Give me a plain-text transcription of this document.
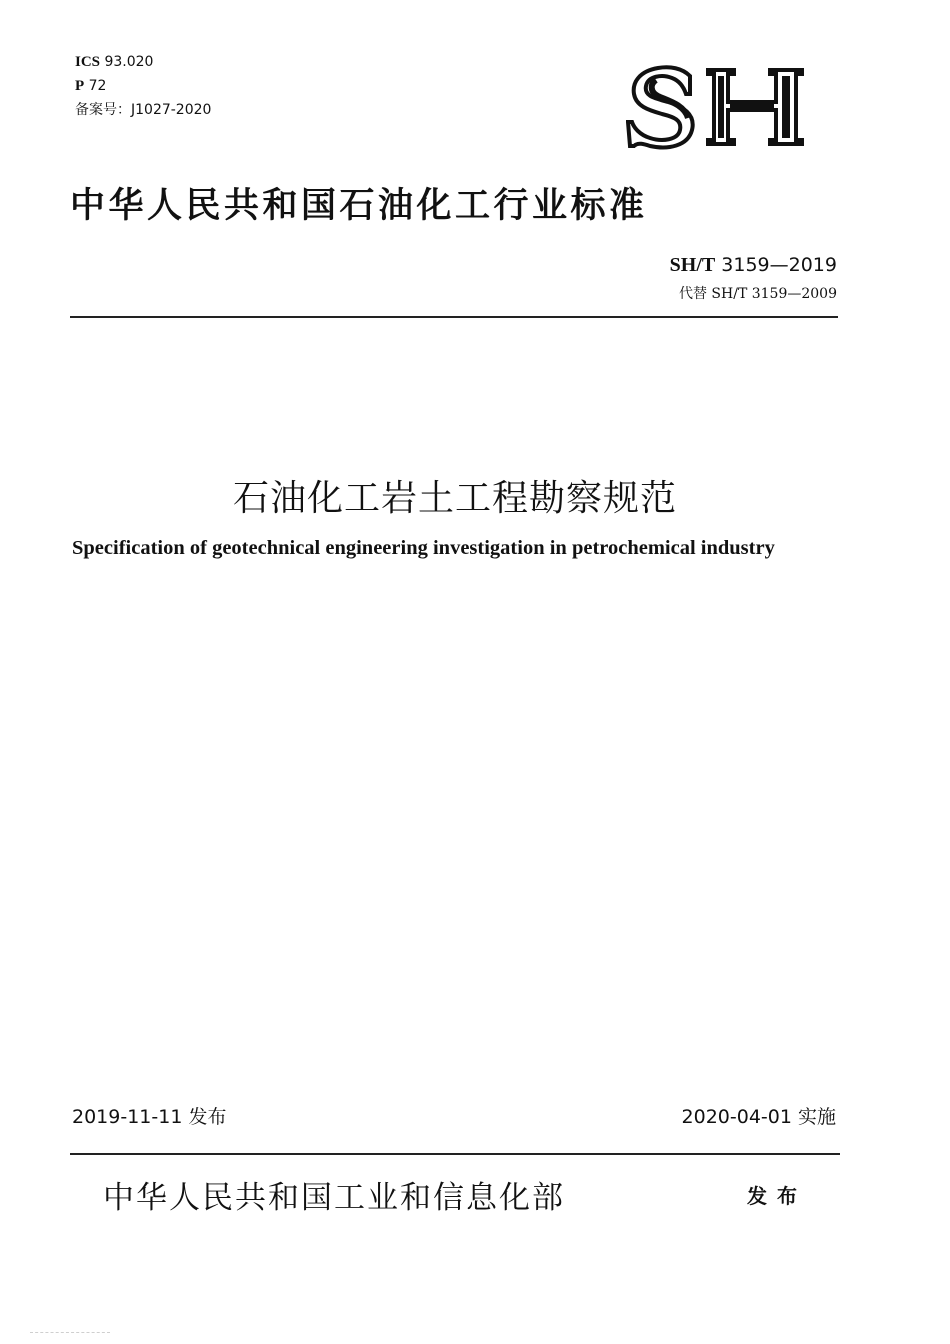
ICS 93.020
P 72
备案号：J1027-2020
中华人民共和国石油化工行业标准
SH/T 3159—2019
代替 SH/T 3159—2009
石油化工岩土工程勘察规范
Specification of geotechnical engineering investigation in petrochemical industry
2019-11-11 发布	2020-04-01 实施
中华人民共和国工业和信息化部	发布
